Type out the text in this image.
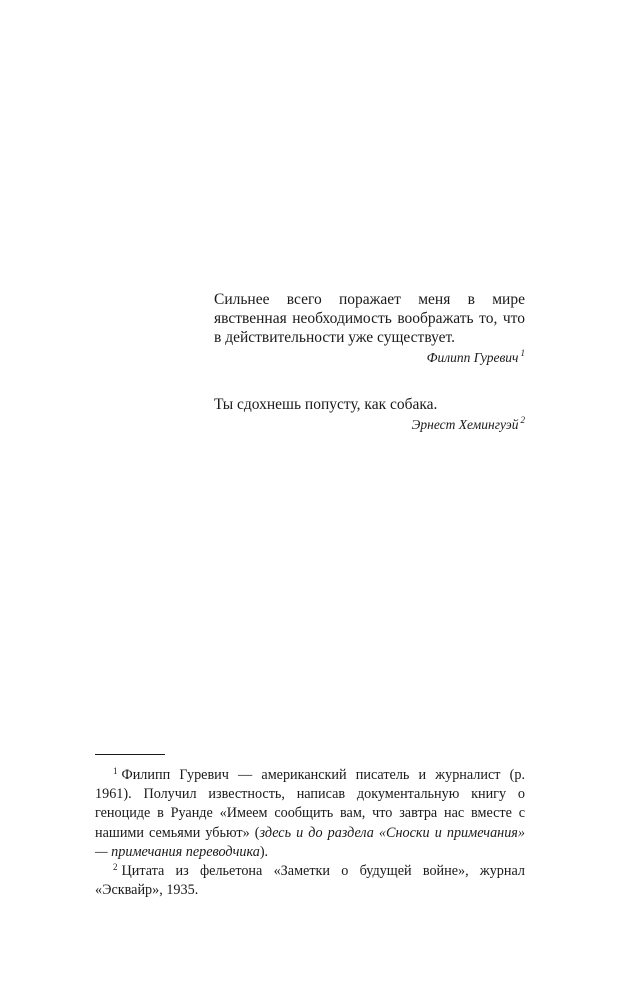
Сильнее всего поражает меня в мире явственная необходимость воображать то, что в действительности уже существует.

Филипп Гуревич $^1$

Ты сдохнешь попусту, как собака.

Эрнест Хемингуэй $^2$

1 Филипп Гуревич — американский писатель и журналист (р. 1961). Получил известность, написав документальную книгу о геноциде в Руанде «Имеем сообщить вам, что завтра нас вместе с нашими семьями убьют» (здесь и до раздела «Сноски и примечания» — примечания переводчика).

2 Цитата из фельетона «Заметки о будущей войне», журнал «Эсквайр», 1935.
